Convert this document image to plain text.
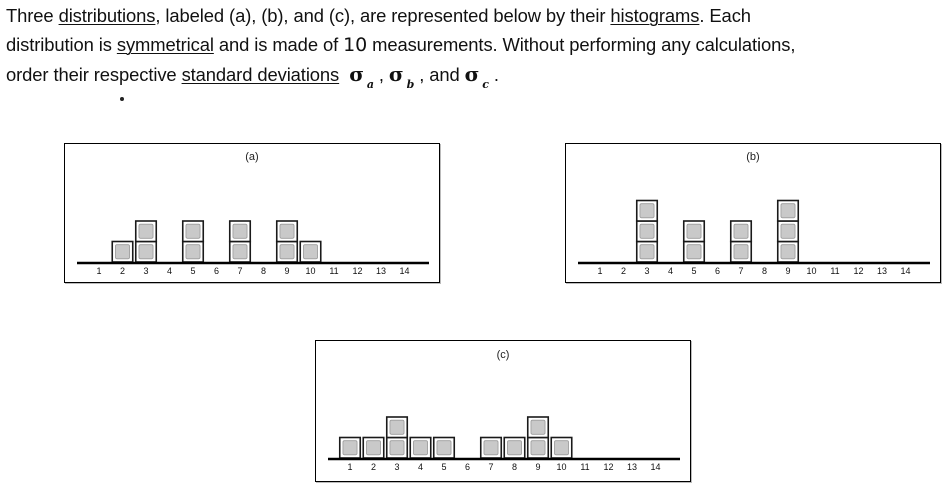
Three distributions, labeled (a), (b), and (c), are represented below by their histograms. Each
distribution is symmetrical and is made of 10 measurements. Without performing any calculations,
order their respective standard deviations σ $_a$ , σ $_b$ , and σ $_c$ .
(a)
1 2 3 4 5 6 7 8 9 10 11 12 13 14
(b)
1 2 3 4 5 6 7 8 9 10 11 12 13 14
(c)
1 2 3 4 5 6 7 8 9 10 11 12 13 14
